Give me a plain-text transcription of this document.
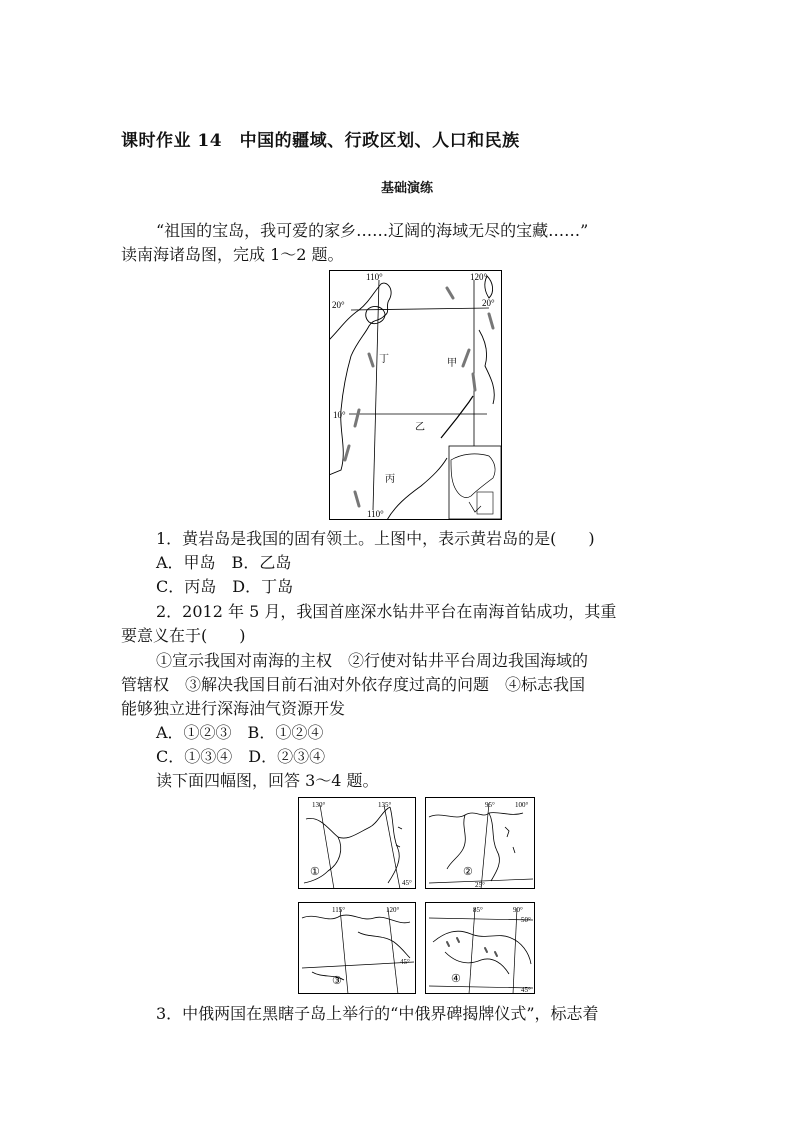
课时作业 14　中国的疆域、行政区划、人口和民族
基础演练
“祖国的宝岛，我可爱的家乡……辽阔的海域无尽的宝藏……”
读南海诸岛图，完成 1～2 题。
110°	120°
20°	20°
10°
110°
丁	甲
乙
丙
1．黄岩岛是我国的固有领土。上图中，表示黄岩岛的是(　　)
A．甲岛　B．乙岛
C．丙岛　D．丁岛
2．2012 年 5 月，我国首座深水钻井平台在南海首钻成功，其重
要意义在于(　　)
①宣示我国对南海的主权　②行使对钻井平台周边我国海域的
管辖权　③解决我国目前石油对外依存度过高的问题　④标志我国
能够独立进行深海油气资源开发
A．①②③　B．①②④
C．①③④　D．②③④
读下面四幅图，回答 3～4 题。
130°	135°
45°
①
95°	100°
25°
②
115°	120°
45°
③
85°	90°
50°
45°
④
3．中俄两国在黑瞎子岛上举行的“中俄界碑揭牌仪式”，标志着
